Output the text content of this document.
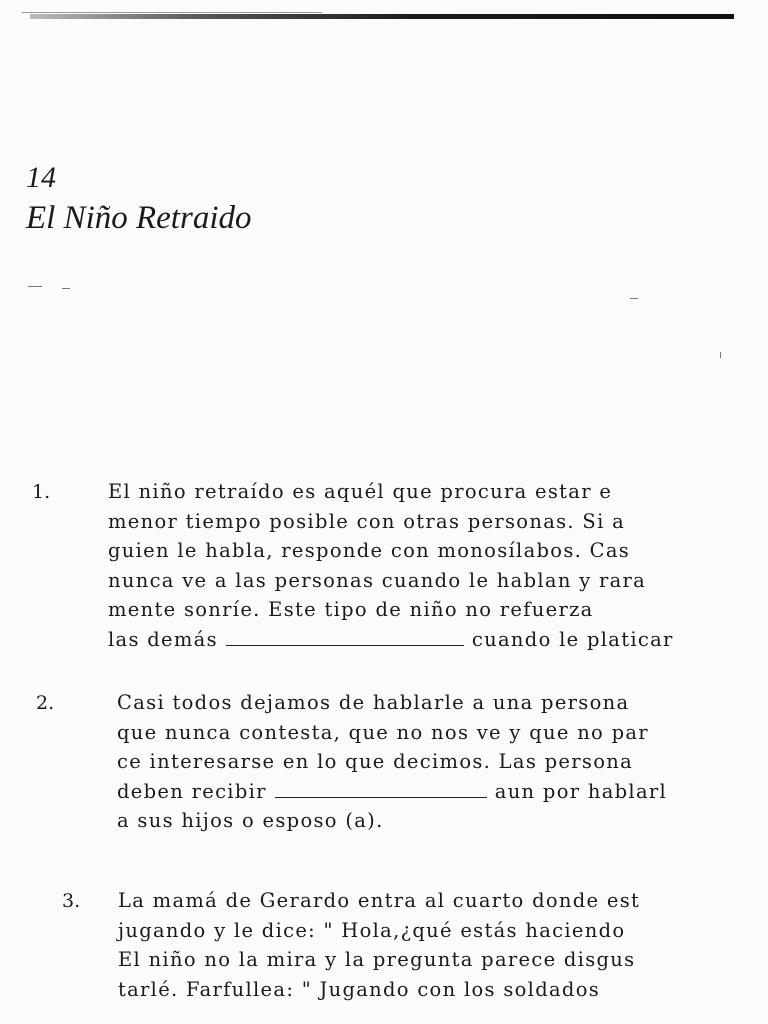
14
El Niño Retraido
1.	El niño retraído es aquél que procura estar e
menor tiempo posible con otras personas. Si a
guien le habla, responde con monosílabos. Cas
nunca ve a las personas cuando le hablan y rara
mente sonríe. Este tipo de niño no refuerza
las demás	cuando le platicar
2.	Casi todos dejamos de hablarle a una persona
que nunca contesta, que no nos ve y que no par
ce interesarse en lo que decimos. Las persona
deben recibir	aun por hablarl
a sus hijos o esposo (a).
3. La mamá de Gerardo entra al cuarto donde est
jugando y le dice: " Hola,¿qué estás haciendo
El niño no la mira y la pregunta parece disgus
tarlé. Farfullea: " Jugando con los soldados
